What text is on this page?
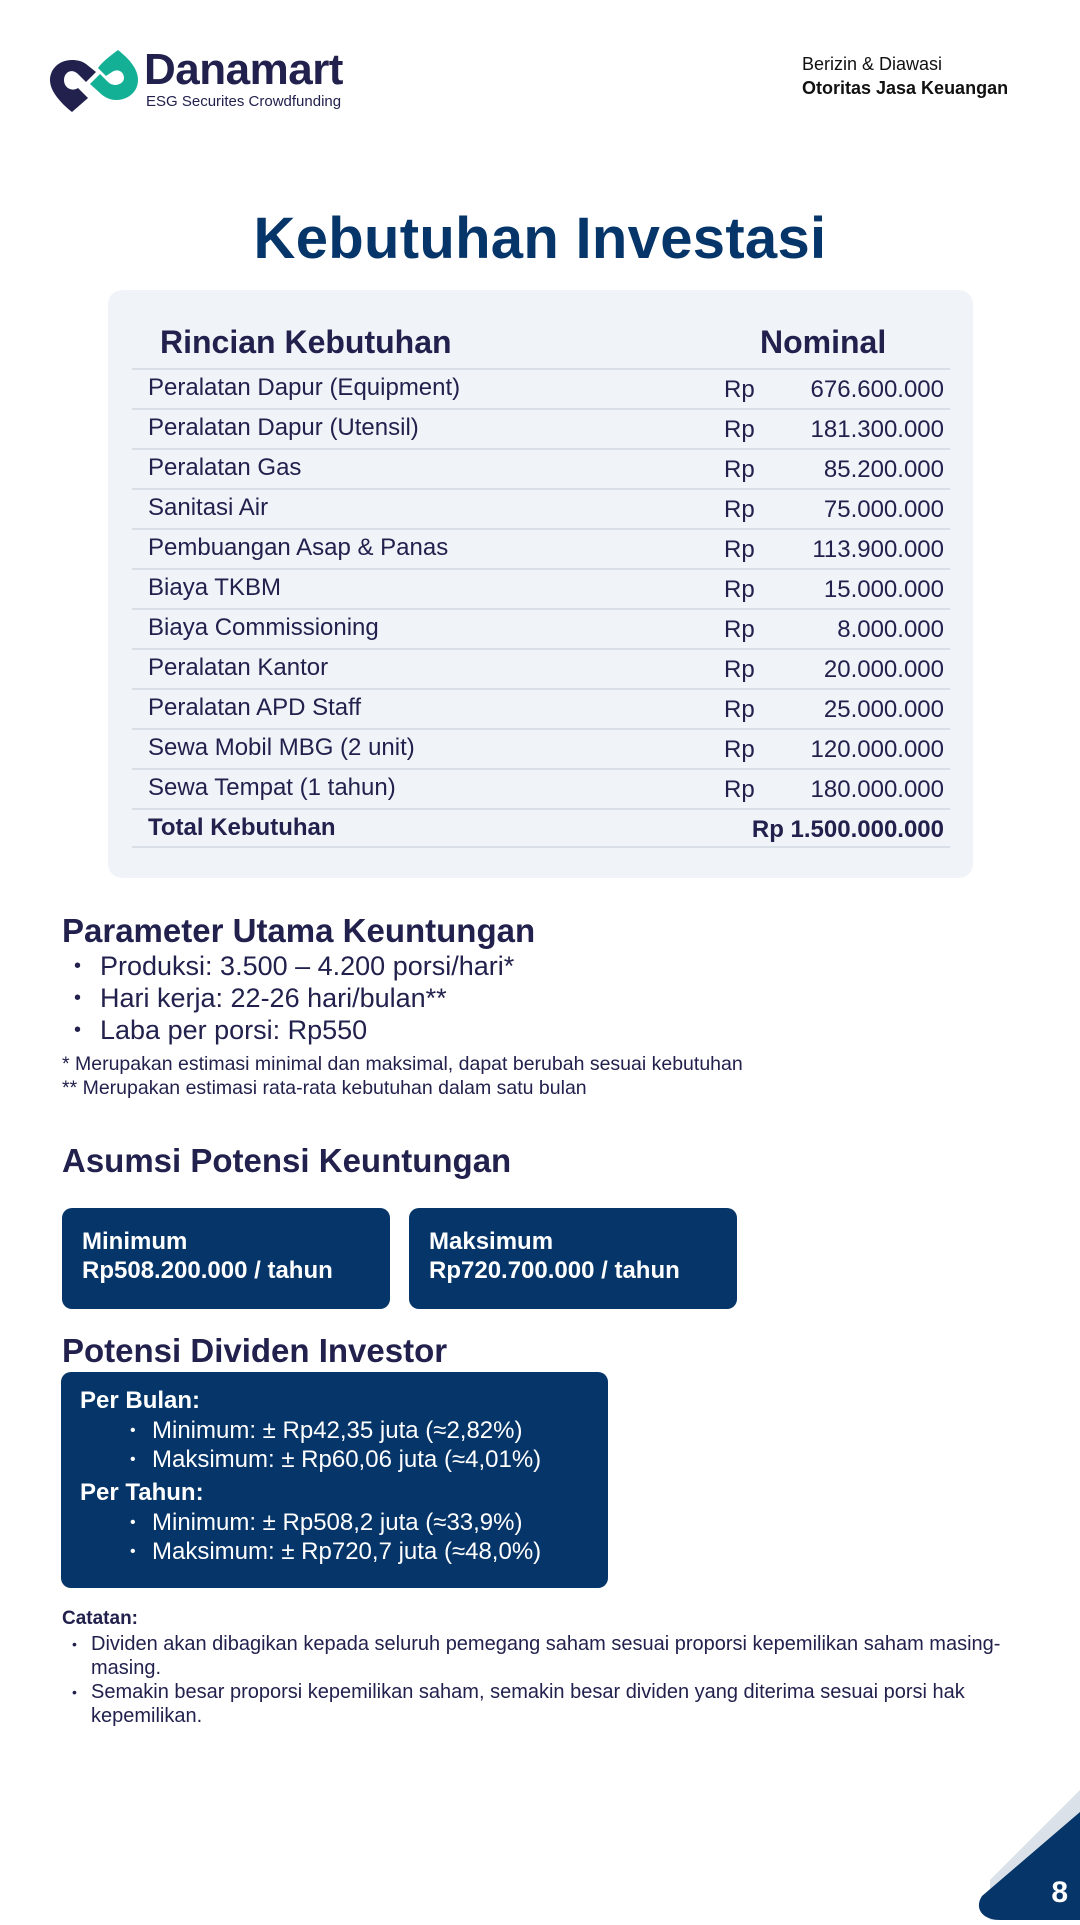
Danamart
ESG Securites Crowdfunding
Berizin & Diawasi
Otoritas Jasa Keuangan
Kebutuhan Investasi
Rincian Kebutuhan	Nominal
Peralatan Dapur (Equipment)	Rp 676.600.000
Peralatan Dapur (Utensil)	Rp 181.300.000
Peralatan Gas	Rp	85.200.000
Sanitasi Air	Rp	75.000.000
Pembuangan Asap & Panas	Rp 113.900.000
Biaya TKBM	Rp	15.000.000
Biaya Commissioning	Rp	8.000.000
Peralatan Kantor	Rp	20.000.000
Peralatan APD Staff	Rp	25.000.000
Sewa Mobil MBG (2 unit)	Rp 120.000.000
Sewa Tempat (1 tahun)	Rp 180.000.000
Total Kebutuhan	Rp 1.500.000.000
Parameter Utama Keuntungan
• Produksi: 3.500 – 4.200 porsi/hari*
• Hari kerja: 22-26 hari/bulan**
• Laba per porsi: Rp550
* Merupakan estimasi minimal dan maksimal, dapat berubah sesuai kebutuhan
** Merupakan estimasi rata-rata kebutuhan dalam satu bulan
Asumsi Potensi Keuntungan
Minimum
Rp508.200.000 / tahun
Maksimum
Rp720.700.000 / tahun
Potensi Dividen Investor
Per Bulan:
• Minimum: ± Rp42,35 juta (≈2,82%)
• Maksimum: ± Rp60,06 juta (≈4,01%)
Per Tahun:
• Minimum: ± Rp508,2 juta (≈33,9%)
• Maksimum: ± Rp720,7 juta (≈48,0%)
Catatan:
• Dividen akan dibagikan kepada seluruh pemegang saham sesuai proporsi kepemilikan saham masing-masing.
• Semakin besar proporsi kepemilikan saham, semakin besar dividen yang diterima sesuai porsi hak kepemilikan.
8
